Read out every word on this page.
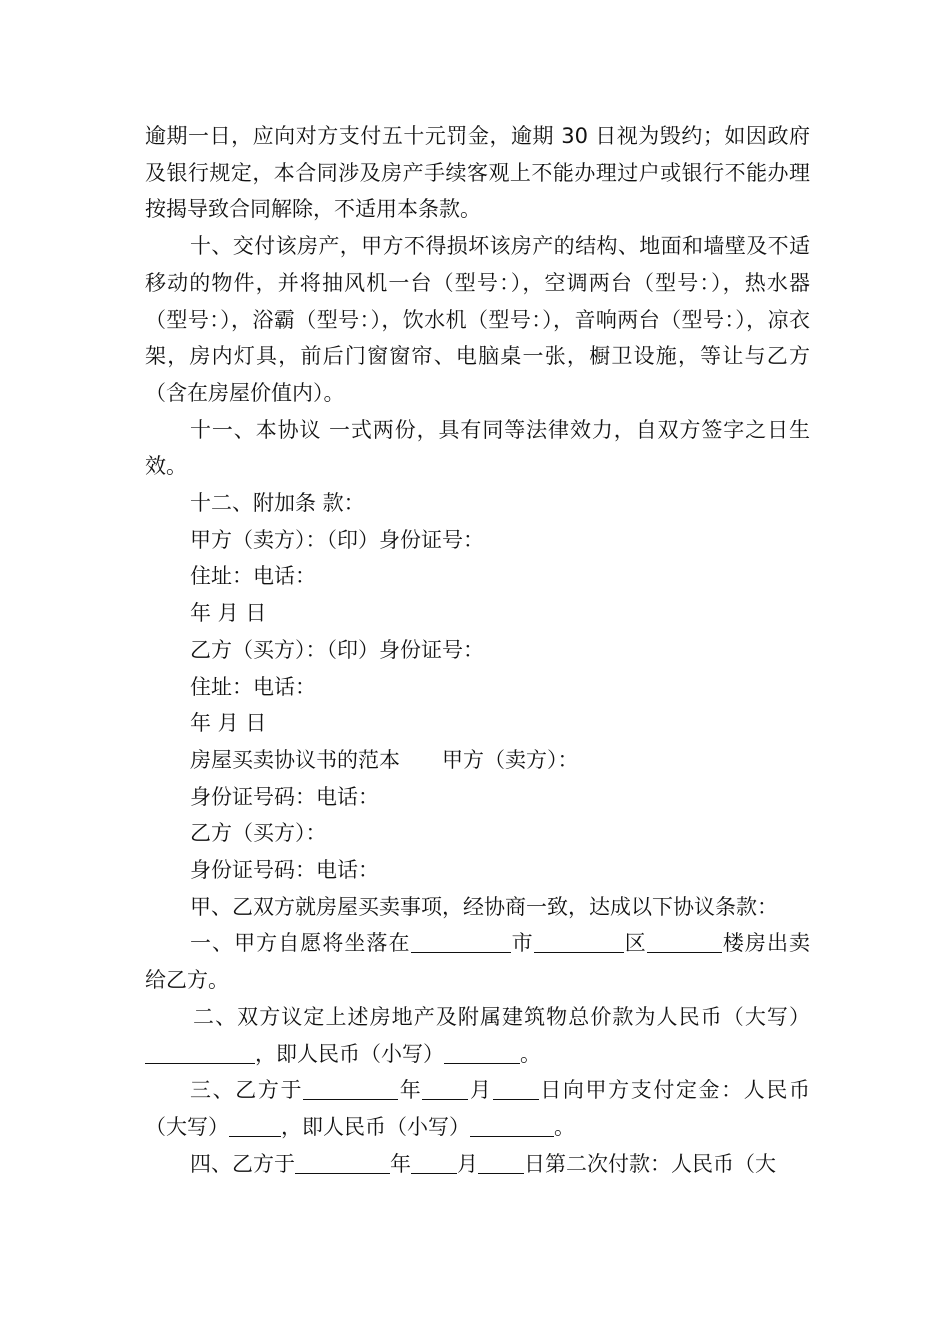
逾期一日，应向对方支付五十元罚金，逾期 30 日视为毁约；如因政府及银行规定，本合同涉及房产手续客观上不能办理过户或银行不能办理按揭导致合同解除，不适用本条款。

十、交付该房产，甲方不得损坏该房产的结构、地面和墙壁及不适移动的物件，并将抽风机一台（型号：），空调两台（型号：），热水器（型号：），浴霸（型号：），饮水机（型号：），音响两台（型号：），凉衣架，房内灯具，前后门窗窗帘、电脑桌一张，橱卫设施，等让与乙方（含在房屋价值内）。

十一、本协议 一式两份，具有同等法律效力，自双方签字之日生效。

十二、附加条 款：

甲方（卖方）：（印）身份证号：

住址：电话：

年 月 日

乙方（买方）：（印）身份证号：

住址：电话：

年 月 日

房屋买卖协议书的范本　　甲方（卖方）：

身份证号码：电话：

乙方（买方）：

身份证号码：电话：

甲、乙双方就房屋买卖事项，经协商一致，达成以下协议条款：

一、甲方自愿将坐落在	市	区	楼房出卖给乙方。

二、双方议定上述房地产及附属建筑物总价款为人民币（大写），即人民币（小写）	。

三、乙方于	年 月 日向甲方支付定金：人民币（大写） ，即人民币（小写）	。

四、乙方于	年 月 日第二次付款：人民币（大
